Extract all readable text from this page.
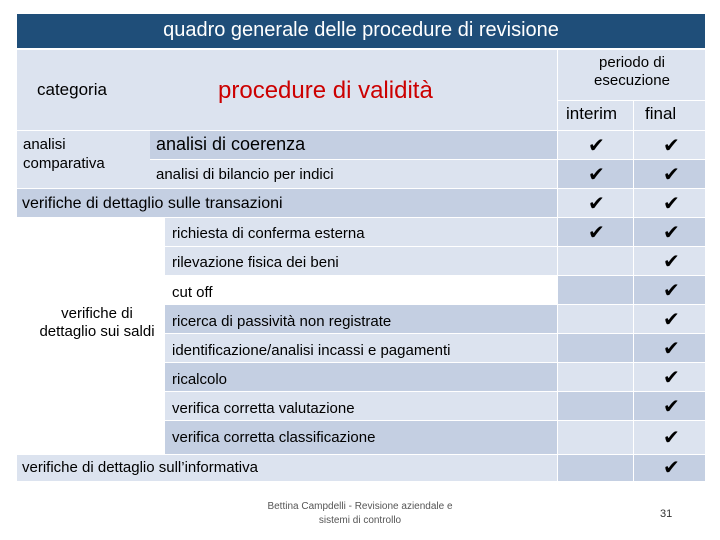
quadro generale delle procedure di revisione
categoria	procedure di validità
periodo di esecuzione
interim final
analisi comparativa
analisi di coerenza
analisi di bilancio per indici
verifiche di dettaglio sulle transazioni
verifiche di dettaglio sui saldi
richiesta di conferma esterna
rilevazione fisica dei beni
cut off
ricerca di passività non registrate
identificazione/analisi incassi e pagamenti
ricalcolo
verifica corretta valutazione
verifica corretta classificazione
verifiche di dettaglio sull’informativa
✔
✔
✔
✔
✔
✔
✔
✔
✔
✔
✔
✔
✔
✔
✔
✔
Bettina Campdelli - Revisione aziendale e
sistemi di controllo
31
